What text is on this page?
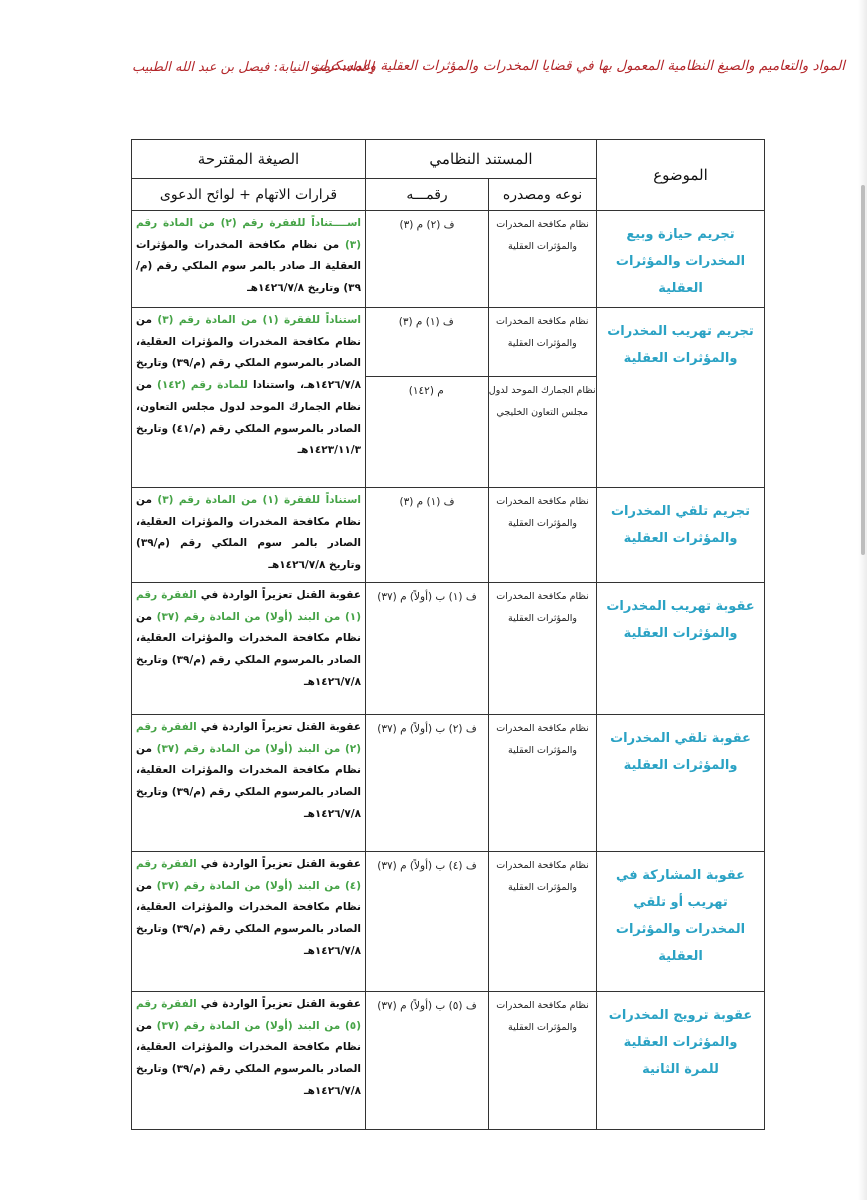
المواد والتعاميم والصيغ النظامية المعمول بها في قضايا المخدرات والمؤثرات العقلية والمسكرات
إعداد: عضو النيابة: فيصل بن عبد الله الطبيب
الموضوع	المستند النظامي	الصيغة المقترحة
نوعه ومصدره	رقمـــه	قرارات الاتهام + لوائح الدعوى
تجريم حيازة وبيع المخدرات والمؤثرات العقلية	نظام مكافحة المخدرات والمؤثرات العقلية	ف (٢) م (٣)	اســــتناداً للفقرة رقم (٢) من المادة رقم (٣) من نظام مكافحة المخدرات والمؤثرات العقلية الـ صادر بالمر سوم الملكي رقم (م/٣٩) وتاريخ ١٤٢٦/٧/٨هـ
تجريم تهريب المخدرات والمؤثرات العقلية	
نظام مكافحة المخدرات والمؤثرات العقلية	ف (١) م (٣)
نظام الجمارك الموحد لدول مجلس التعاون الخليجي	م (١٤٢)
	استناداً للفقرة (١) من المادة رقم (٣) من نظام مكافحة المخدرات والمؤثرات العقلية، الصادر بالمرسوم الملكي رقم (م/٣٩) وتاريخ ١٤٢٦/٧/٨هـ، واستنادا للمادة رقم (١٤٢) من نظام الجمارك الموحد لدول مجلس التعاون، الصادر بالمرسوم الملكي رقم (م/٤١) وتاريخ ١٤٢٣/١١/٣هـ
تجريم تلقي المخدرات والمؤثرات العقلية	نظام مكافحة المخدرات والمؤثرات العقلية	ف (١) م (٣)	استناداً للفقرة (١) من المادة رقم (٣) من نظام مكافحة المخدرات والمؤثرات العقلية، الصادر بالمر سوم الملكي رقم (م/٣٩) وتاريخ ١٤٢٦/٧/٨هـ
عقوبة تهريب المخدرات والمؤثرات العقلية	نظام مكافحة المخدرات والمؤثرات العقلية	ف (١) ب (أولاً) م (٣٧)	عقوبة القتل تعزيراً الواردة في الفقرة رقم (١) من البند (أولا) من المادة رقم (٣٧) من نظام مكافحة المخدرات والمؤثرات العقلية، الصادر بالمرسوم الملكي رقم (م/٣٩) وتاريخ ١٤٢٦/٧/٨هـ
عقوبة تلقي المخدرات والمؤثرات العقلية	نظام مكافحة المخدرات والمؤثرات العقلية	ف (٢) ب (أولاً) م (٣٧)	عقوبة القتل تعزيراً الواردة في الفقرة رقم (٢) من البند (أولا) من المادة رقم (٣٧) من نظام مكافحة المخدرات والمؤثرات العقلية، الصادر بالمرسوم الملكي رقم (م/٣٩) وتاريخ ١٤٢٦/٧/٨هـ
عقوبة المشاركة في تهريب أو تلقي المخدرات والمؤثرات العقلية	نظام مكافحة المخدرات والمؤثرات العقلية	ف (٤) ب (أولاً) م (٣٧)	عقوبة القتل تعزيراً الواردة في الفقرة رقم (٤) من البند (أولا) من المادة رقم (٣٧) من نظام مكافحة المخدرات والمؤثرات العقلية، الصادر بالمرسوم الملكي رقم (م/٣٩) وتاريخ ١٤٢٦/٧/٨هـ
عقوبة ترويج المخدرات والمؤثرات العقلية للمرة الثانية	نظام مكافحة المخدرات والمؤثرات العقلية	ف (٥) ب (أولاً) م (٣٧)	عقوبة القتل تعزيراً الواردة في الفقرة رقم (٥) من البند (أولا) من المادة رقم (٣٧) من نظام مكافحة المخدرات والمؤثرات العقلية، الصادر بالمرسوم الملكي رقم (م/٣٩) وتاريخ ١٤٢٦/٧/٨هـ
